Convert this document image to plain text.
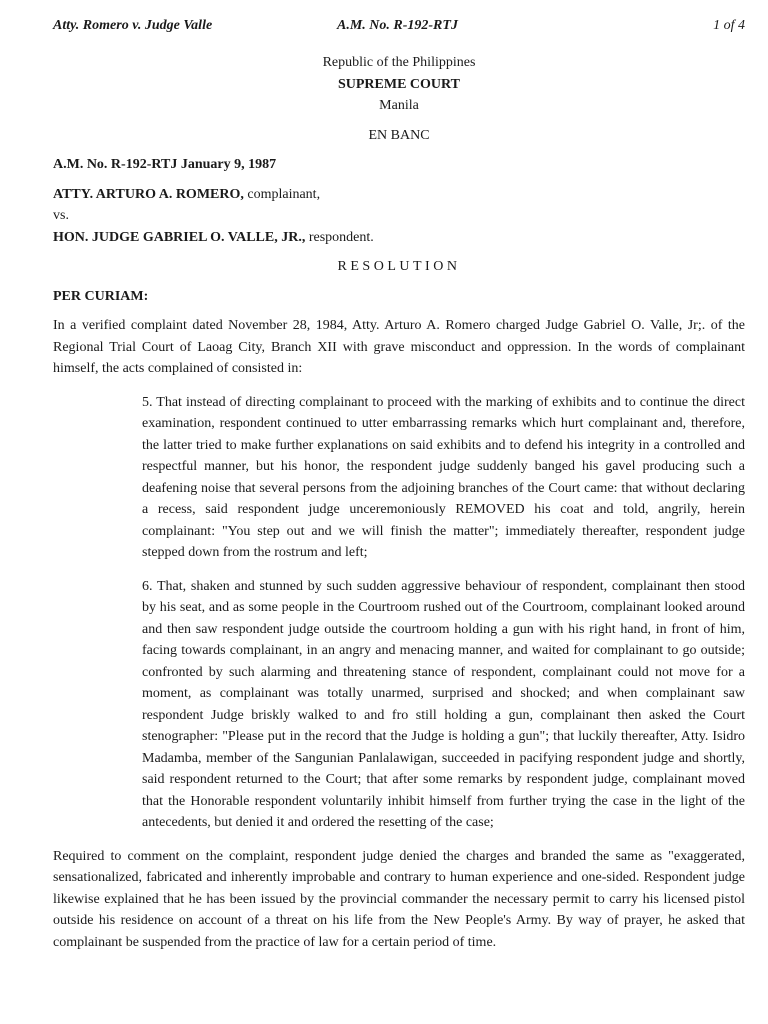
Atty. Romero v. Judge Valle	A.M. No. R-192-RTJ	1 of 4
Republic of the Philippines
SUPREME COURT
Manila
EN BANC
A.M. No. R-192-RTJ January 9, 1987
ATTY. ARTURO A. ROMERO, complainant,
vs.
HON. JUDGE GABRIEL O. VALLE, JR., respondent.
RESOLUTION
PER CURIAM:

In a verified complaint dated November 28, 1984, Atty. Arturo A. Romero charged Judge Gabriel O. Valle, Jr;. of the Regional Trial Court of Laoag City, Branch XII with grave misconduct and oppression. In the words of complainant himself, the acts complained of consisted in:

5. That instead of directing complainant to proceed with the marking of exhibits and to continue the direct examination, respondent continued to utter embarrassing remarks which hurt complainant and, therefore, the latter tried to make further explanations on said exhibits and to defend his integrity in a controlled and respectful manner, but his honor, the respondent judge suddenly banged his gavel producing such a deafening noise that several persons from the adjoining branches of the Court came: that without declaring a recess, said respondent judge unceremoniously REMOVED his coat and told, angrily, herein complainant: "You step out and we will finish the matter"; immediately thereafter, respondent judge stepped down from the rostrum and left;

6. That, shaken and stunned by such sudden aggressive behaviour of respondent, complainant then stood by his seat, and as some people in the Courtroom rushed out of the Courtroom, complainant looked around and then saw respondent judge outside the courtroom holding a gun with his right hand, in front of him, facing towards complainant, in an angry and menacing manner, and waited for complainant to go outside; confronted by such alarming and threatening stance of respondent, complainant could not move for a moment, as complainant was totally unarmed, surprised and shocked; and when complainant saw respondent Judge briskly walked to and fro still holding a gun, complainant then asked the Court stenographer: "Please put in the record that the Judge is holding a gun"; that luckily thereafter, Atty. Isidro Madamba, member of the Sangunian Panlalawigan, succeeded in pacifying respondent judge and shortly, said respondent returned to the Court; that after some remarks by respondent judge, complainant moved that the Honorable respondent voluntarily inhibit himself from further trying the case in the light of the antecedents, but denied it and ordered the resetting of the case;

Required to comment on the complaint, respondent judge denied the charges and branded the same as "exaggerated, sensationalized, fabricated and inherently improbable and contrary to human experience and one-sided. Respondent judge likewise explained that he has been issued by the provincial commander the necessary permit to carry his licensed pistol outside his residence on account of a threat on his life from the New People's Army. By way of prayer, he asked that complainant be suspended from the practice of law for a certain period of time.
